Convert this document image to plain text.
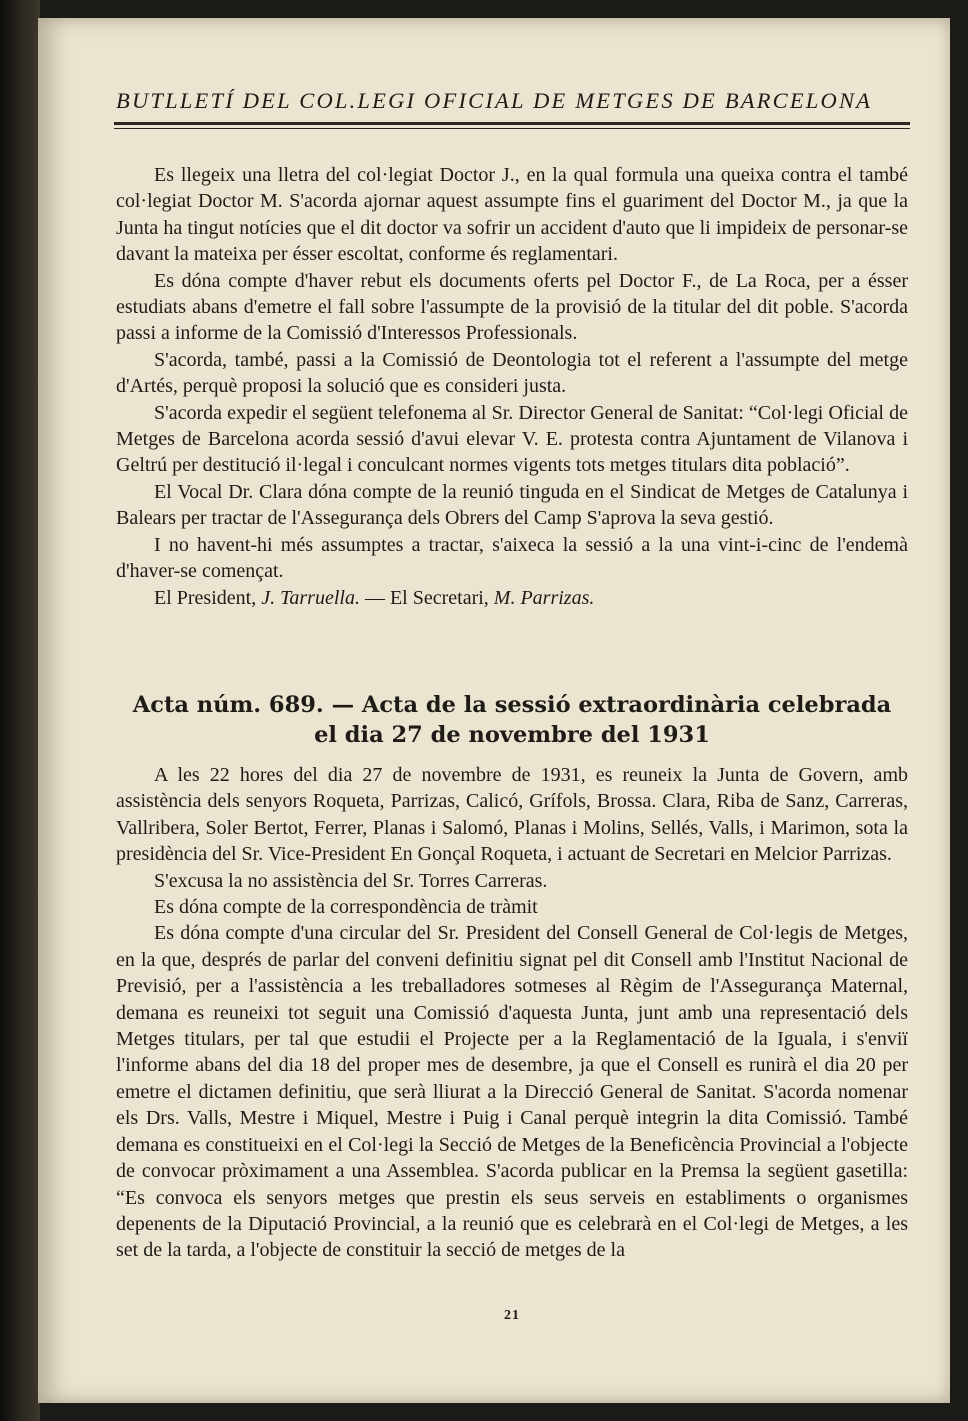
BUTLLETÍ DEL COL.LEGI OFICIAL DE METGES DE BARCELONA

Es llegeix una lletra del col·legiat Doctor J., en la qual formula una queixa contra el també col·legiat Doctor M. S'acorda ajornar aquest assumpte fins el guariment del Doctor M., ja que la Junta ha tingut notícies que el dit doctor va sofrir un accident d'auto que li impideix de personar-se davant la mateixa per ésser escoltat, conforme és reglamentari.

Es dóna compte d'haver rebut els documents oferts pel Doctor F., de La Roca, per a ésser estudiats abans d'emetre el fall sobre l'assumpte de la provisió de la titular del dit poble. S'acorda passi a informe de la Comissió d'Interessos Professionals.

S'acorda, també, passi a la Comissió de Deontologia tot el referent a l'assumpte del metge d'Artés, perquè proposi la solució que es consideri justa.

S'acorda expedir el següent telefonema al Sr. Director General de Sanitat: “Col·legi Oficial de Metges de Barcelona acorda sessió d'avui elevar V. E. protesta contra Ajuntament de Vilanova i Geltrú per destitució il·legal i conculcant normes vigents tots metges titulars dita població”.

El Vocal Dr. Clara dóna compte de la reunió tinguda en el Sindicat de Metges de Catalunya i Balears per tractar de l'Assegurança dels Obrers del Camp S'aprova la seva gestió.

I no havent-hi més assumptes a tractar, s'aixeca la sessió a la una vint-i-cinc de l'endemà d'haver-se començat.

El President, J. Tarruella. — El Secretari, M. Parrizas.

Acta núm. 689. — Acta de la sessió extraordinària celebrada
el dia 27 de novembre del 1931

A les 22 hores del dia 27 de novembre de 1931, es reuneix la Junta de Govern, amb assistència dels senyors Roqueta, Parrizas, Calicó, Grífols, Brossa. Clara, Riba de Sanz, Carreras, Vallribera, Soler Bertot, Ferrer, Planas i Salomó, Planas i Molins, Sellés, Valls, i Marimon, sota la presidència del Sr. Vice-President En Gonçal Roqueta, i actuant de Secretari en Melcior Parrizas.

S'excusa la no assistència del Sr. Torres Carreras.

Es dóna compte de la correspondència de tràmit

Es dóna compte d'una circular del Sr. President del Consell General de Col·legis de Metges, en la que, després de parlar del conveni definitiu signat pel dit Consell amb l'Institut Nacional de Previsió, per a l'assistència a les treballadores sotmeses al Règim de l'Assegurança Maternal, demana es reuneixi tot seguit una Comissió d'aquesta Junta, junt amb una representació dels Metges titulars, per tal que estudii el Projecte per a la Reglamentació de la Iguala, i s'enviï l'informe abans del dia 18 del proper mes de desembre, ja que el Consell es runirà el dia 20 per emetre el dictamen definitiu, que serà lliurat a la Direcció General de Sanitat. S'acorda nomenar els Drs. Valls, Mestre i Miquel, Mestre i Puig i Canal perquè integrin la dita Comissió. També demana es constitueixi en el Col·legi la Secció de Metges de la Beneficència Provincial a l'objecte de convocar pròximament a una Assemblea. S'acorda publicar en la Premsa la següent gasetilla: “Es convoca els senyors metges que prestin els seus serveis en establiments o organismes depenents de la Diputació Provincial, a la reunió que es celebrarà en el Col·legi de Metges, a les set de la tarda, a l'objecte de constituir la secció de metges de la

21
